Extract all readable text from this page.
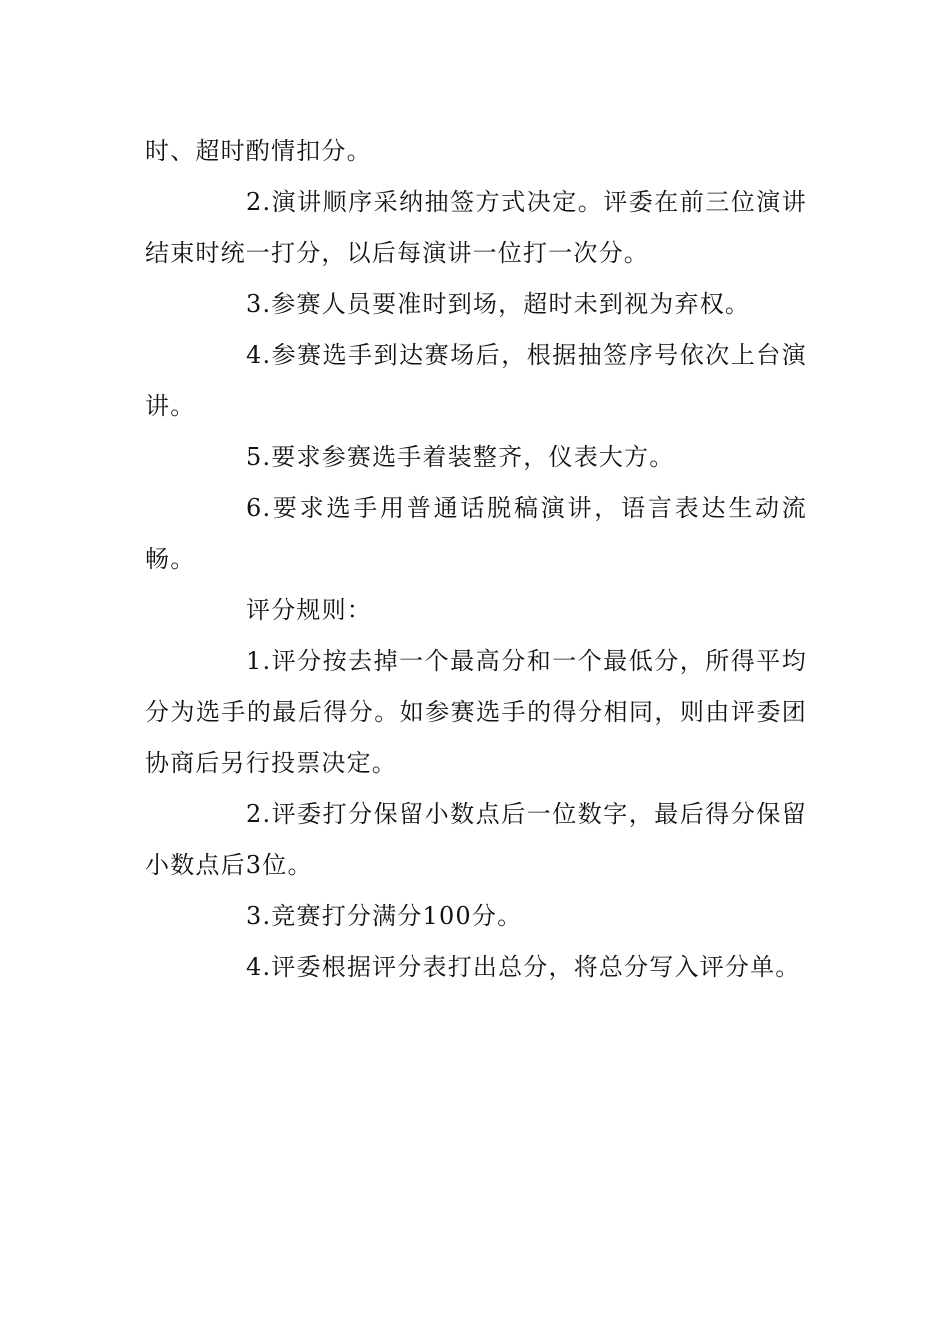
时、超时酌情扣分。

2.演讲顺序采纳抽签方式决定。评委在前三位演讲结束时统一打分，以后每演讲一位打一次分。

3.参赛人员要准时到场，超时未到视为弃权。

4.参赛选手到达赛场后，根据抽签序号依次上台演讲。

5.要求参赛选手着装整齐，仪表大方。

6.要求选手用普通话脱稿演讲，语言表达生动流畅。

评分规则：

1.评分按去掉一个最高分和一个最低分，所得平均分为选手的最后得分。如参赛选手的得分相同，则由评委团协商后另行投票决定。

2.评委打分保留小数点后一位数字，最后得分保留小数点后3位。

3.竞赛打分满分100分。

4.评委根据评分表打出总分，将总分写入评分单。
